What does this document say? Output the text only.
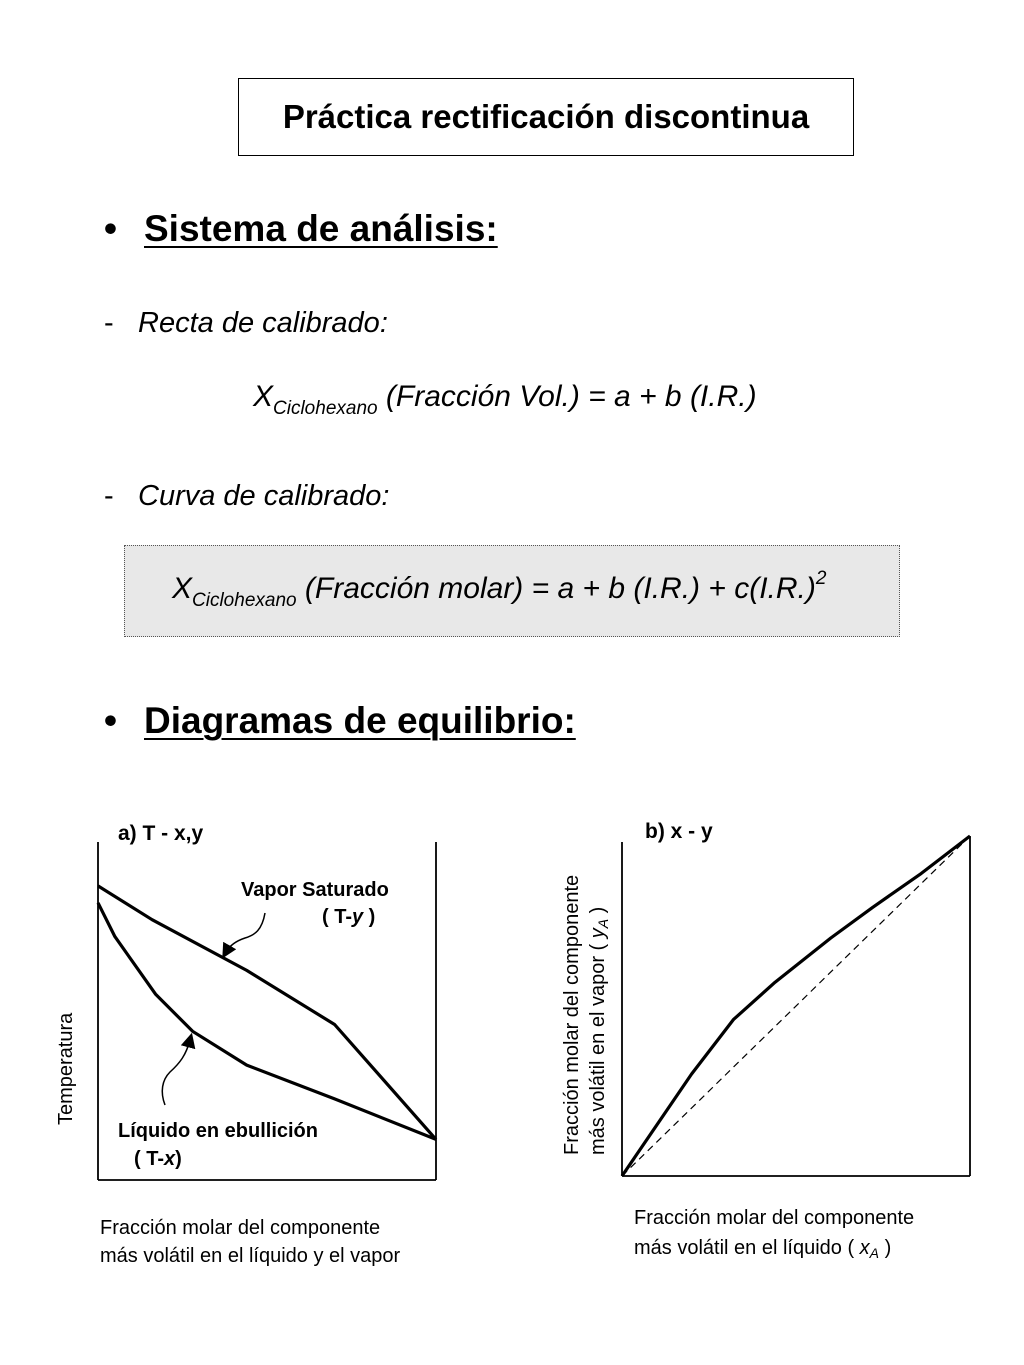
Práctica rectificación discontinua
• Sistema de análisis:
- Recta de calibrado:
$X_{Ciclohexano}$ (Fracción Vol.) = a + b (I.R.)
- Curva de calibrado:
$X_{Ciclohexano}$ (Fracción molar) = a + b $(I.R.) + c(I.R.)^2$
• Diagramas de equilibrio:
a) T - x,y
Temperatura
Vapor Saturado
( T-y )
Líquido en ebullición
( T-x)
Fracción molar del componente
más volátil en el líquido y el vapor
b) x - y
Fracción molar del componente más volátil en el vapor ( $y_A$ )
Fracción molar del componente
más volátil en el líquido ( $x_A$ )
